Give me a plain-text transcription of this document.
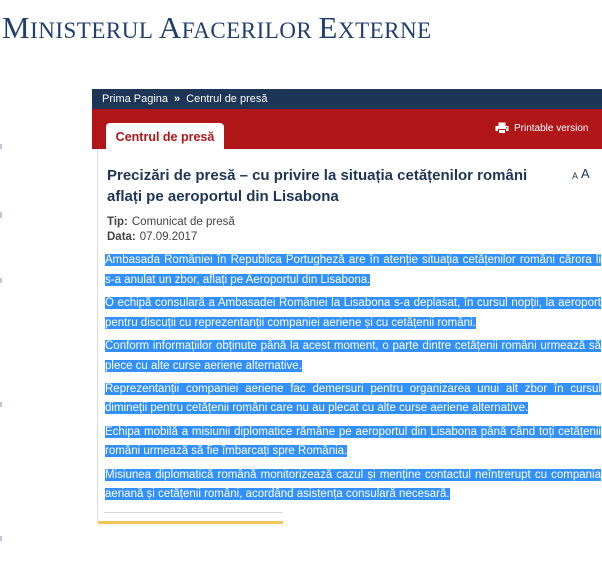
MINISTERUL AFACERILOR EXTERNE
Prima Pagina » Centrul de presă
Centrul de presă
Printable version
Precizări de presă – cu privire la situația cetățenilor români aflați pe aeroportul din Lisabona
A A
Tip: Comunicat de presă
Data: 07.09.2017

Ambasada României în Republica Portugheză are în atenție situația cetățenilor români cărora li s-a anulat un zbor, aflați pe Aeroportul din Lisabona.

O echipă consulară a Ambasadei României la Lisabona s-a deplasat, în cursul nopții, la aeroport pentru discuții cu reprezentanții companiei aeriene și cu cetățenii români.

Conform informațiilor obținute până la acest moment, o parte dintre cetățenii români urmează să plece cu alte curse aeriene alternative.

Reprezentanții companiei aeriene fac demersuri pentru organizarea unui alt zbor în cursul dimineții pentru cetățenii români care nu au plecat cu alte curse aeriene alternative.

Echipa mobilă a misiunii diplomatice rămâne pe aeroportul din Lisabona până când toți cetățenii români urmează să fie îmbarcați spre România.

Misiunea diplomatică română monitorizează cazul și menține contactul neîntrerupt cu compania aeriană și cetățenii români, acordând asistența consulară necesară.
